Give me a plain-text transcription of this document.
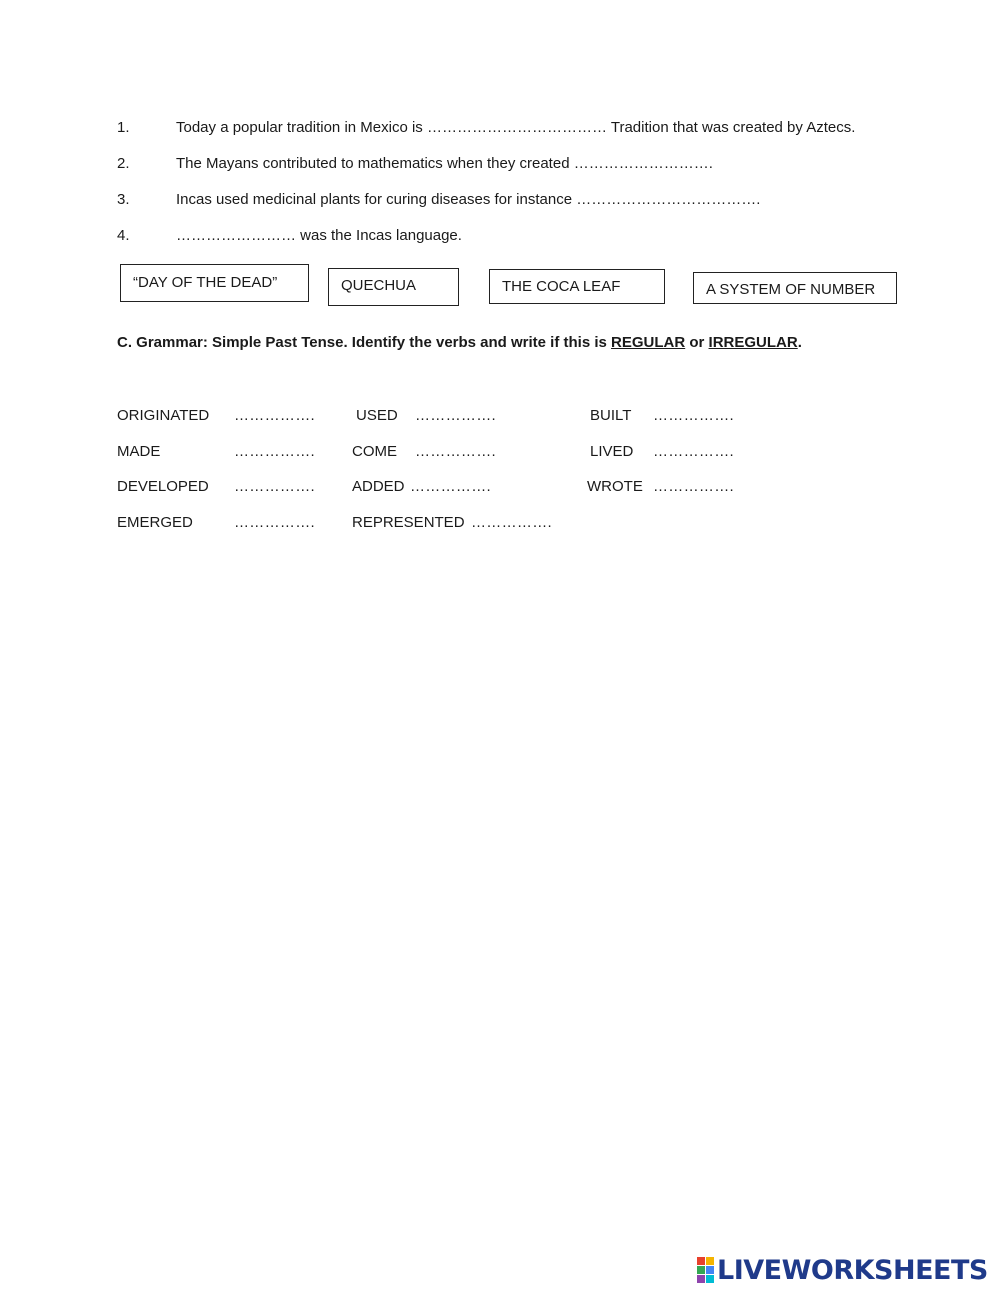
1.	Today a popular tradition in Mexico is ……………………………… Tradition that was created by Aztecs.
2.	The Mayans contributed to mathematics when they created ……………………….
3.	Incas used medicinal plants for curing diseases for instance ……………………………….
4.	…………………… was the Incas language.
“DAY OF THE DEAD”	QUECHUA	THE COCA LEAF	A SYSTEM OF NUMBER
C. Grammar: Simple Past Tense. Identify the verbs and write if this is REGULAR or IRREGULAR.
ORIGINATED …………….	USED …………….	BUILT …………….
MADE	……………. COME …………….	LIVED …………….
DEVELOPED ……………. ADDED …………….	WROTE …………….
EMERGED	……………. REPRESENTED …………….
LIVEWORKSHEETS
